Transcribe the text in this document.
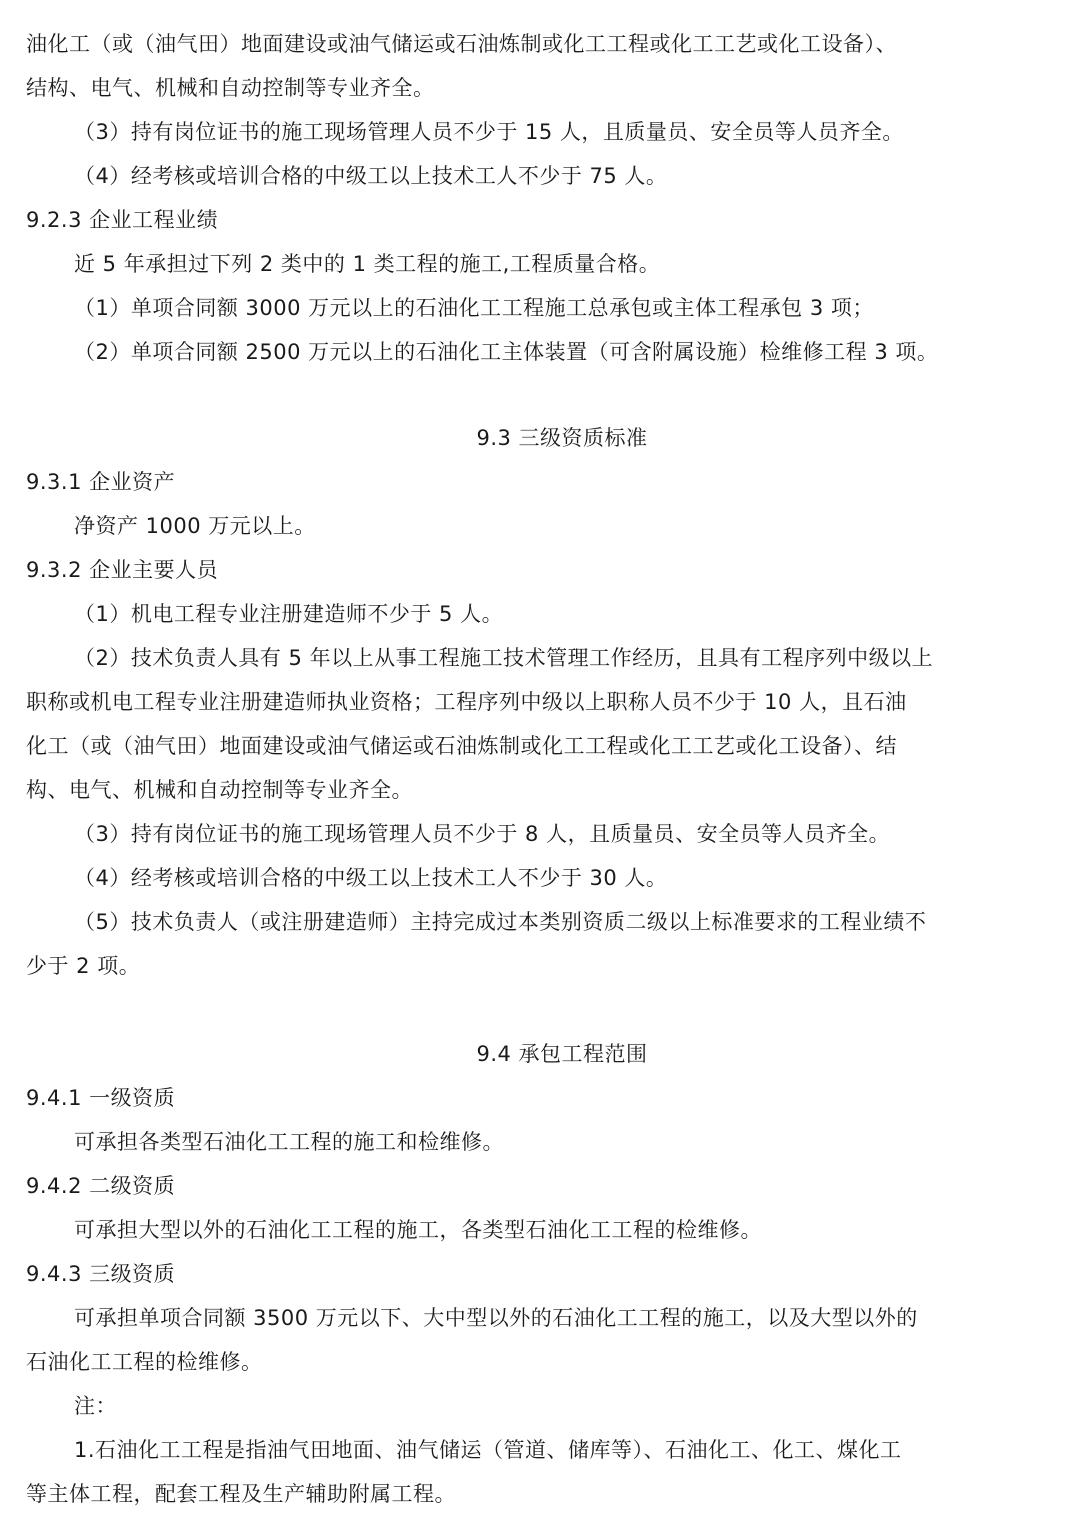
油化工（或（油气田）地面建设或油气储运或石油炼制或化工工程或化工工艺或化工设备）、
结构、电气、机械和自动控制等专业齐全。
（3）持有岗位证书的施工现场管理人员不少于 15 人，且质量员、安全员等人员齐全。
（4）经考核或培训合格的中级工以上技术工人不少于 75 人。
9.2.3 企业工程业绩
近 5 年承担过下列 2 类中的 1 类工程的施工,工程质量合格。
（1）单项合同额 3000 万元以上的石油化工工程施工总承包或主体工程承包 3 项；
（2）单项合同额 2500 万元以上的石油化工主体装置（可含附属设施）检维修工程 3 项。
9.3 三级资质标准
9.3.1 企业资产
净资产 1000 万元以上。
9.3.2 企业主要人员
（1）机电工程专业注册建造师不少于 5 人。
（2）技术负责人具有 5 年以上从事工程施工技术管理工作经历，且具有工程序列中级以上
职称或机电工程专业注册建造师执业资格；工程序列中级以上职称人员不少于 10 人，且石油
化工（或（油气田）地面建设或油气储运或石油炼制或化工工程或化工工艺或化工设备）、结
构、电气、机械和自动控制等专业齐全。
（3）持有岗位证书的施工现场管理人员不少于 8 人，且质量员、安全员等人员齐全。
（4）经考核或培训合格的中级工以上技术工人不少于 30 人。
（5）技术负责人（或注册建造师）主持完成过本类别资质二级以上标准要求的工程业绩不
少于 2 项。
9.4 承包工程范围
9.4.1 一级资质
可承担各类型石油化工工程的施工和检维修。
9.4.2 二级资质
可承担大型以外的石油化工工程的施工，各类型石油化工工程的检维修。
9.4.3 三级资质
可承担单项合同额 3500 万元以下、大中型以外的石油化工工程的施工，以及大型以外的
石油化工工程的检维修。
注：
1.石油化工工程是指油气田地面、油气储运（管道、储库等）、石油化工、化工、煤化工
等主体工程，配套工程及生产辅助附属工程。
